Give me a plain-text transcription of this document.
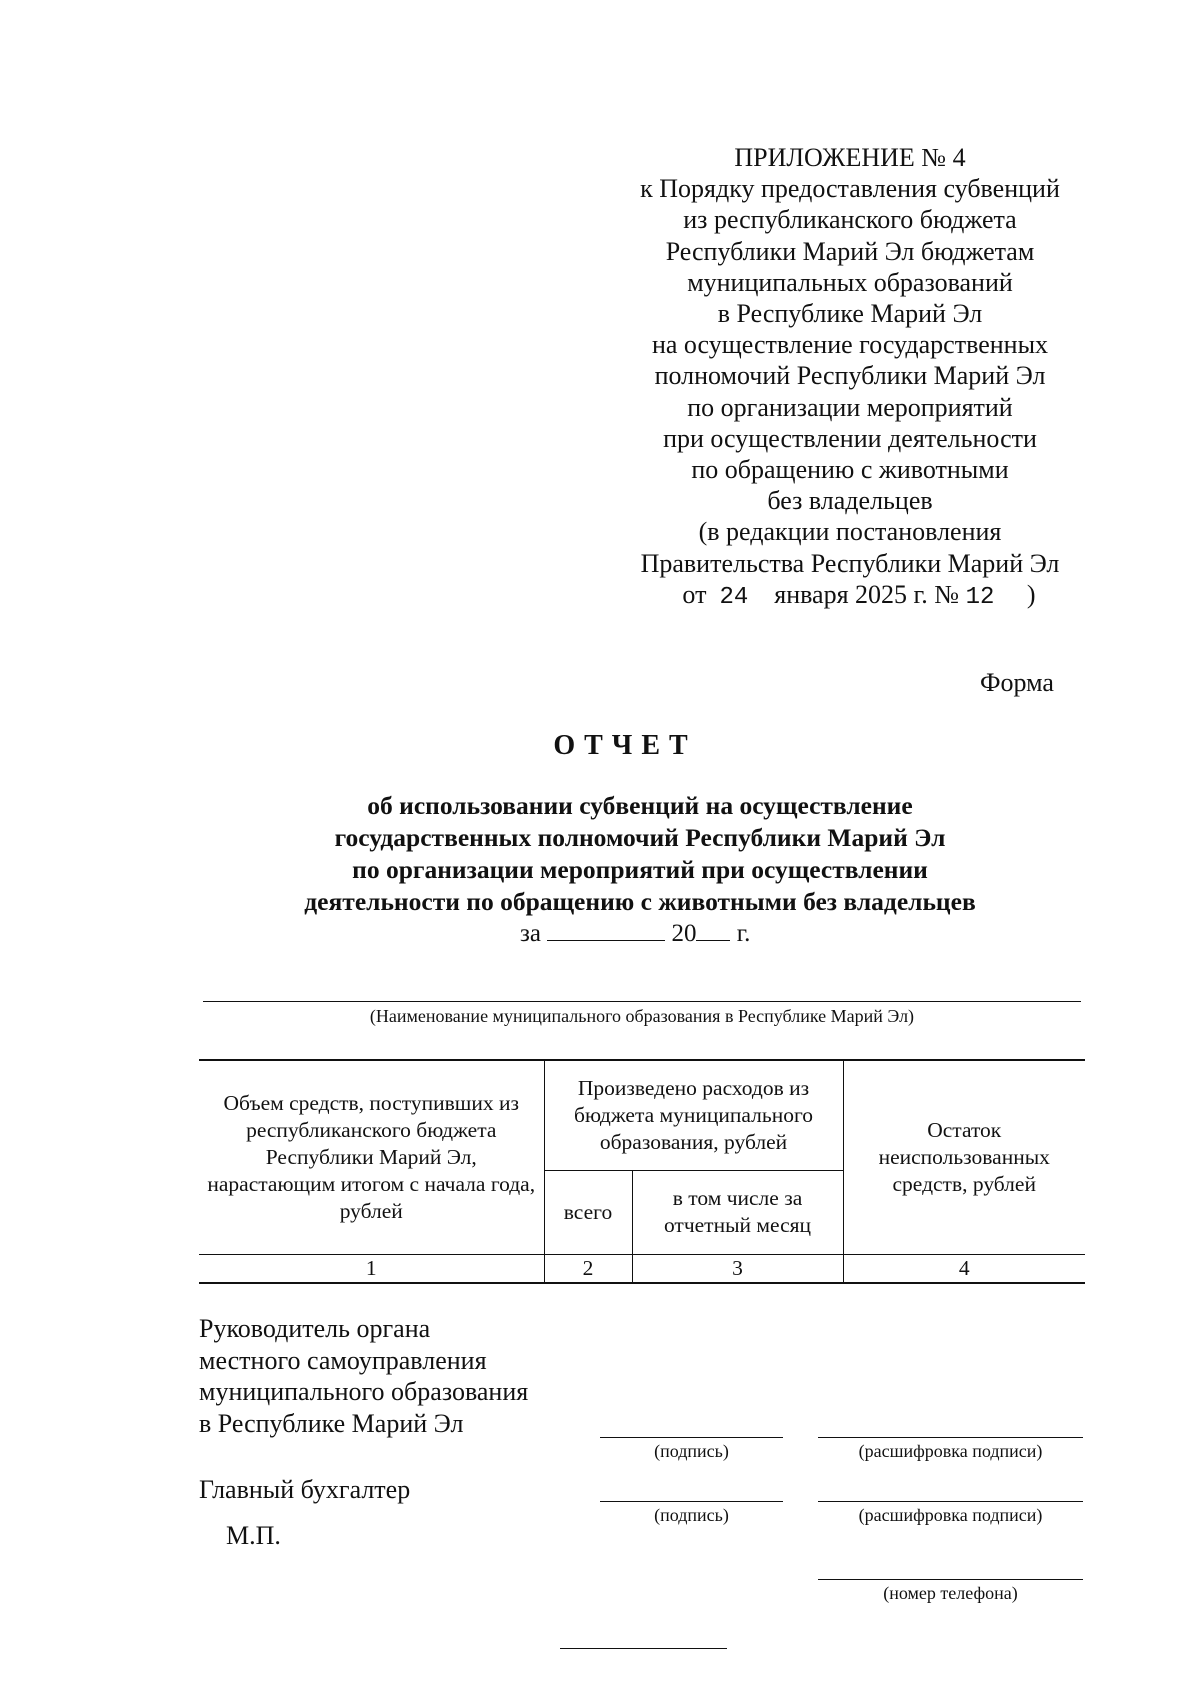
ПРИЛОЖЕНИЕ № 4
к Порядку предоставления субвенций
из республиканского бюджета
Республики Марий Эл бюджетам
муниципальных образований
в Республике Марий Эл
на осуществление государственных
полномочий Республики Марий Эл
по организации мероприятий
при осуществлении деятельности
по обращению с животными
без владельцев
(в редакции постановления
Правительства Республики Марий Эл
от 24 января 2025 г. № 12 )
Форма
ОТЧЕТ
об использовании субвенций на осуществление
государственных полномочий Республики Марий Эл
по организации мероприятий при осуществлении
деятельности по обращению с животными без владельцев
за	20 г.
(Наименование муниципального образования в Республике Марий Эл)
Объем средств, поступивших из республиканского бюджета Республики Марий Эл, нарастающим итогом с начала года, рублей	Произведено расходов из бюджета муниципального образования, рублей		Остаток неиспользованных средств, рублей
	всего	в том числе за отчетный месяц	
1	2	3	4
Руководитель органа
местного самоуправления
муниципального образования
в Республике Марий Эл
(подпись)	(расшифровка подписи)
Главный бухгалтер
(подпись)	(расшифровка подписи)
М.П.
(номер телефона)
